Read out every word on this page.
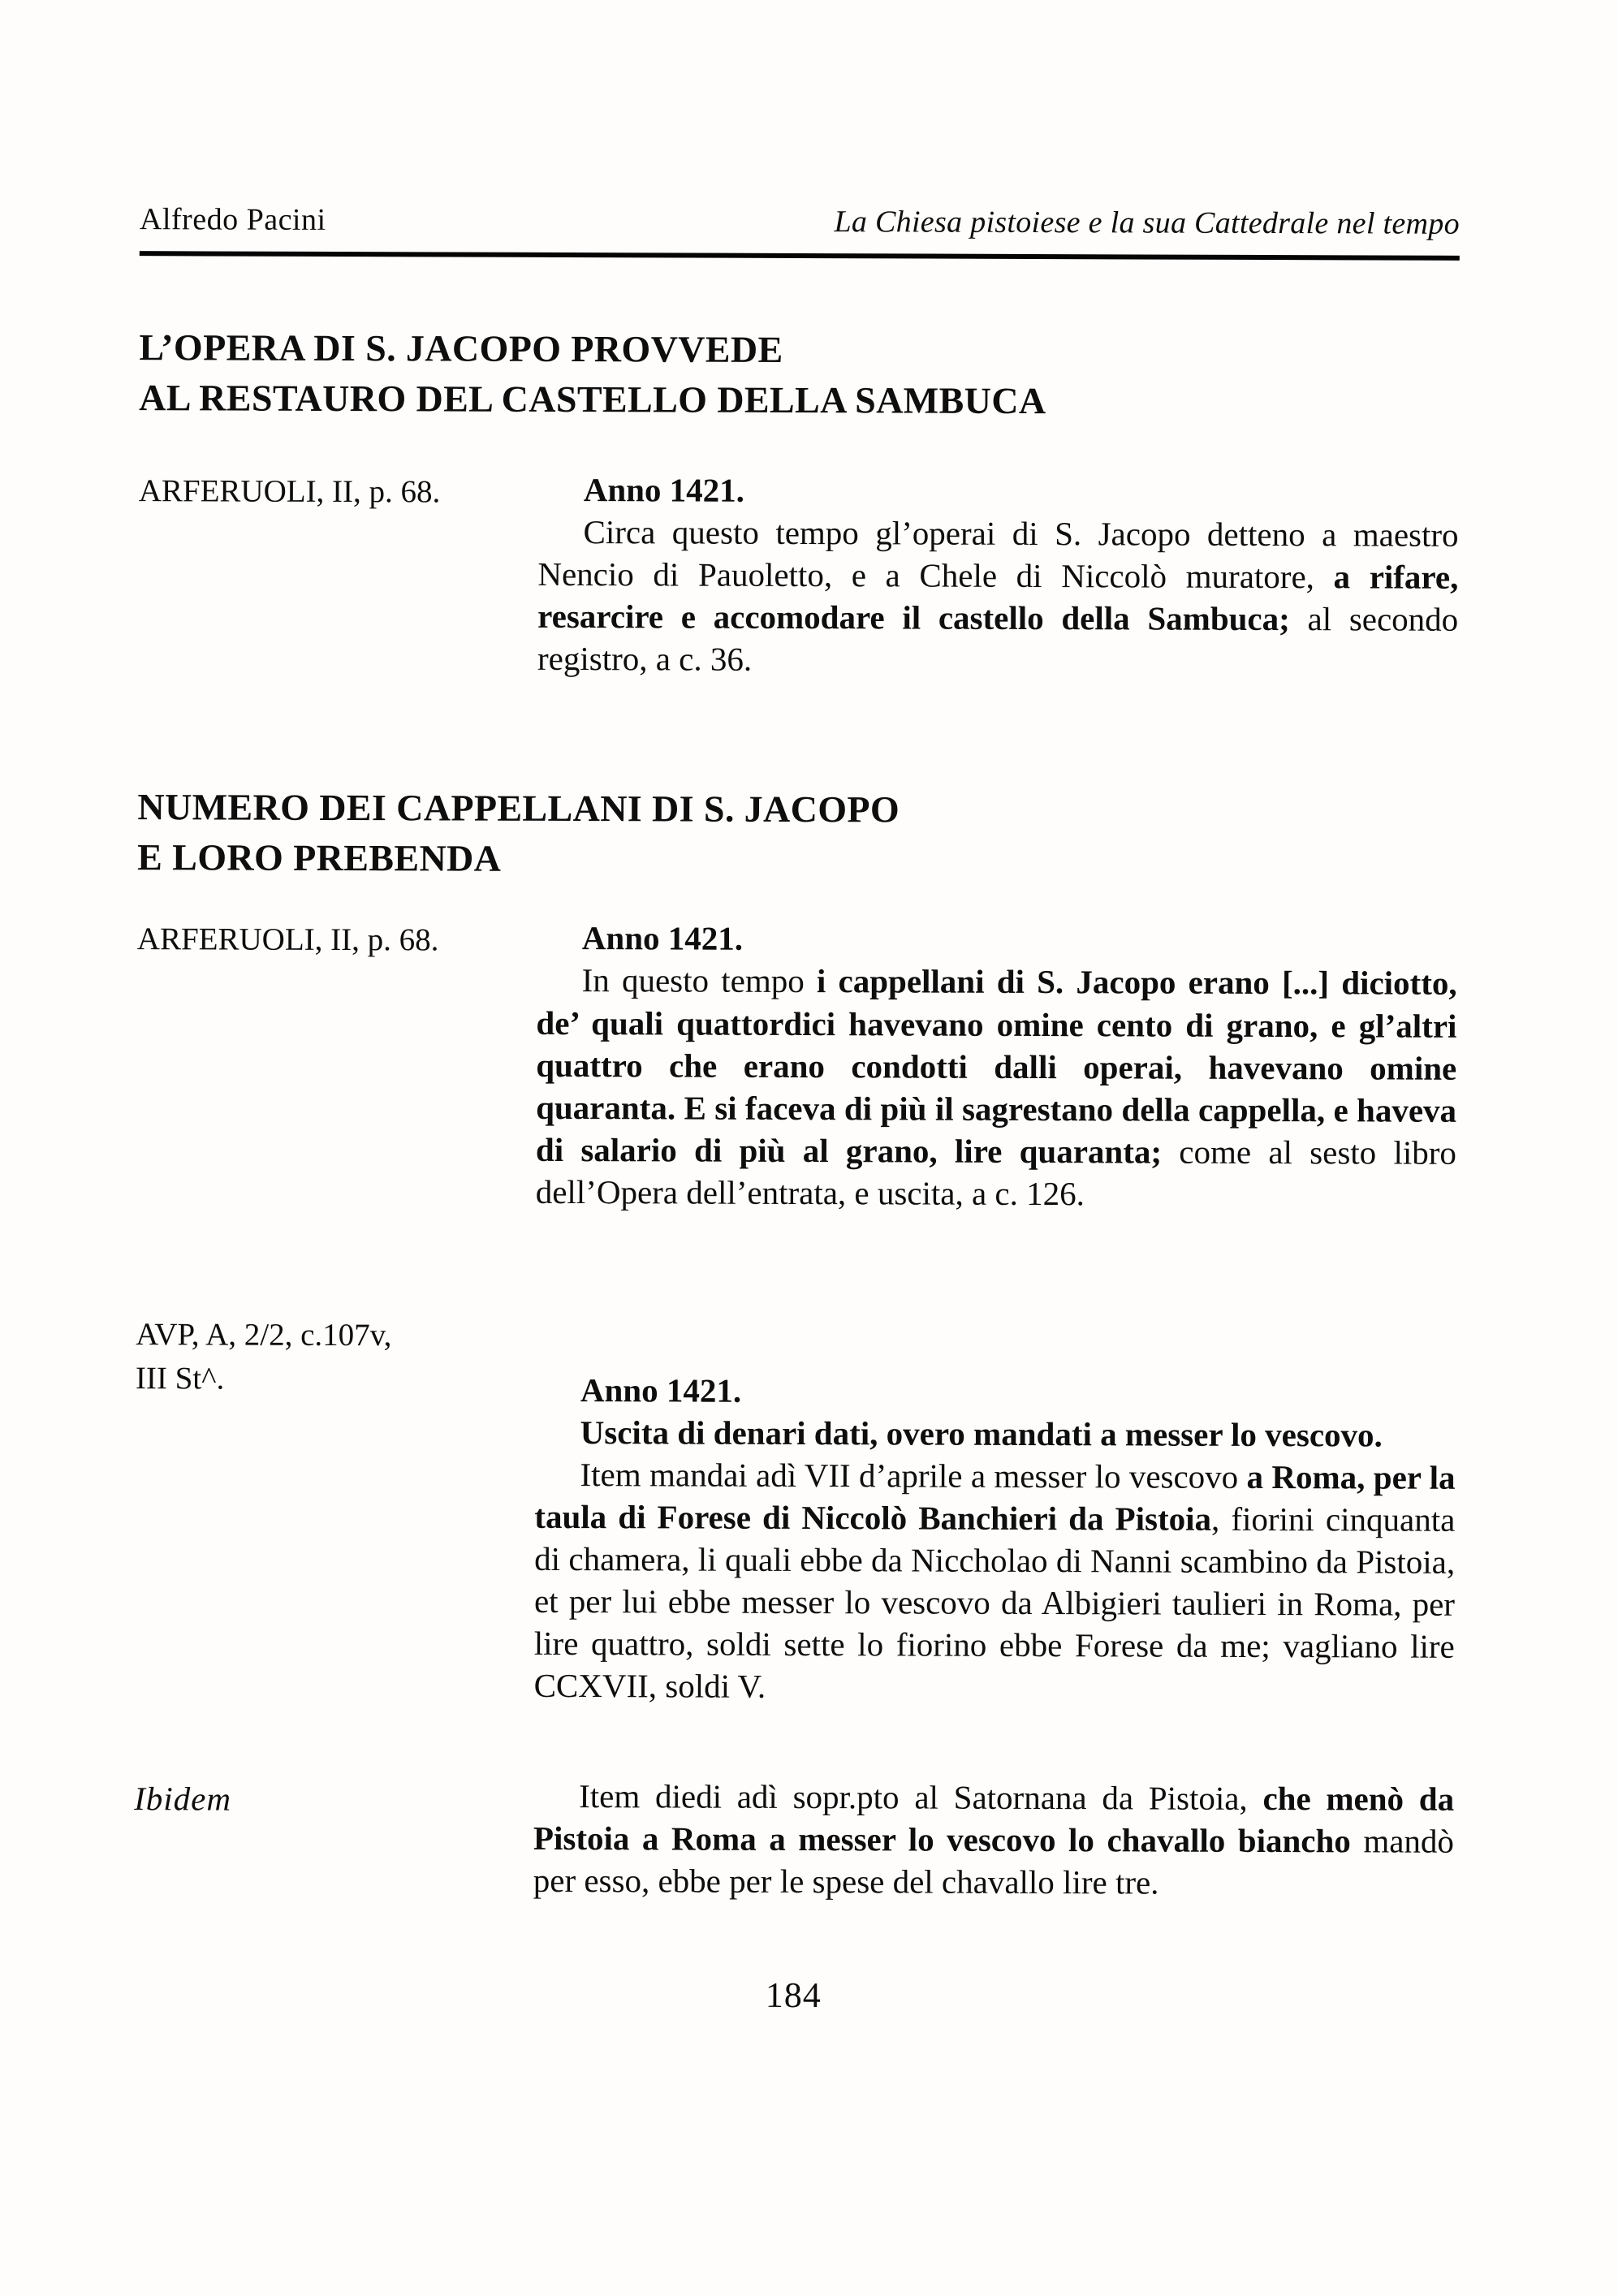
Alfredo Pacini	La Chiesa pistoiese e la sua Cattedrale nel tempo
L’OPERA DI S. JACOPO PROVVEDE
AL RESTAURO DEL CASTELLO DELLA SAMBUCA
ARFERUOLI, II, p. 68.	Anno 1421.

Circa questo tempo gl’operai di S. Jacopo detteno a maestro Nencio di Pauoletto, e a Chele di Niccolò muratore, a rifare, resarcire e accomodare il castello della Sambuca; al secondo registro, a c. 36.

NUMERO DEI CAPPELLANI DI S. JACOPO
E LORO PREBENDA
ARFERUOLI, II, p. 68.	Anno 1421.

In questo tempo i cappellani di S. Jacopo erano [...] diciotto, de’ quali quattordici havevano omine cento di grano, e gl’altri quattro che erano condotti dalli operai, havevano omine quaranta. E si faceva di più il sagrestano della cappella, e haveva di salario di più al grano, lire quaranta; come al sesto libro dell’Opera dell’entrata, e uscita, a c. 126.

AVP, A, 2/2, c.107v,
III St^.	Anno 1421.

Uscita di denari dati, overo mandati a messer lo vescovo.

Item mandai adì VII d’aprile a messer lo vescovo a Roma, per la taula di Forese di Niccolò Banchieri da Pistoia, fiorini cinquanta di chamera, li quali ebbe da Niccholao di Nanni scambino da Pistoia, et per lui ebbe messer lo vescovo da Albigieri taulieri in Roma, per lire quattro, soldi sette lo fiorino ebbe Forese da me; vagliano lire CCXVII, soldi V.

Ibidem	Item diedi adì sopr.pto al Satornana da Pistoia, che menò da Pistoia a Roma a messer lo vescovo lo chavallo biancho mandò per esso, ebbe per le spese del chavallo lire tre.

184
